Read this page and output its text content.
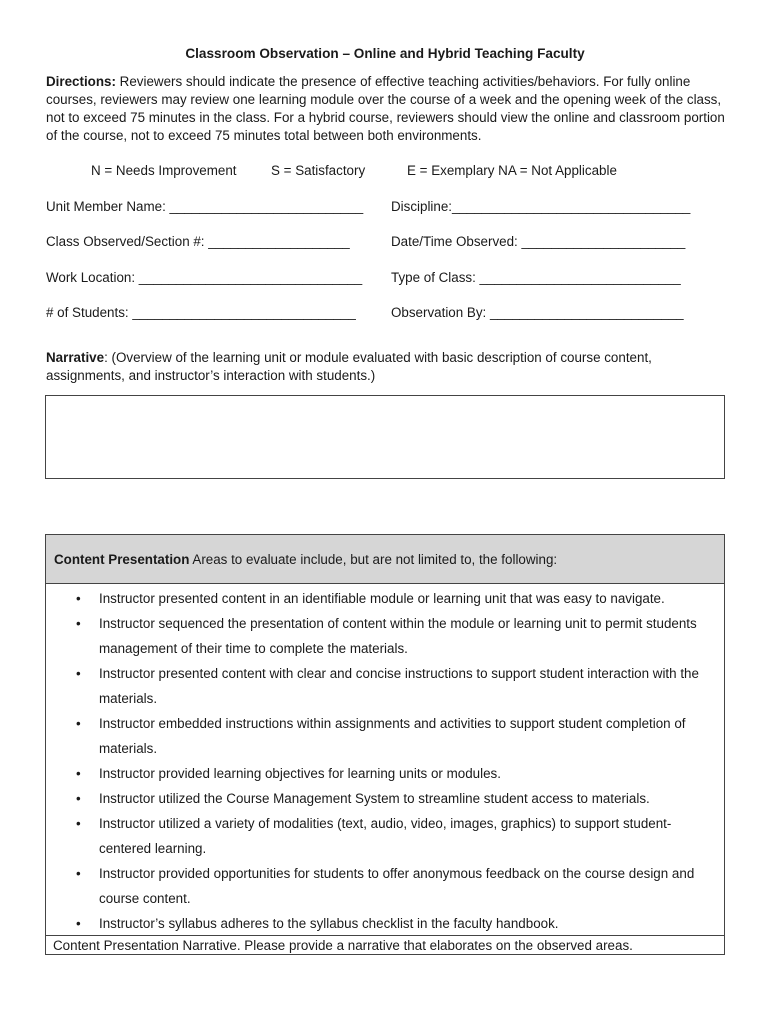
Classroom Observation – Online and Hybrid Teaching Faculty
Directions: Reviewers should indicate the presence of effective teaching activities/behaviors. For fully online courses, reviewers may review one learning module over the course of a week and the opening week of the class, not to exceed 75 minutes in the class. For a hybrid course, reviewers should view the online and classroom portion of the course, not to exceed 75 minutes total between both environments.
N = Needs Improvement	S = Satisfactory	E = Exemplary NA = Not Applicable
Unit Member Name: __________________________ Discipline:________________________________
Class Observed/Section #: ___________________	Date/Time Observed: ______________________
Work Location: ______________________________ Type of Class: ___________________________
# of Students: ______________________________	Observation By: __________________________
Narrative: (Overview of the learning unit or module evaluated with basic description of course content, assignments, and instructor’s interaction with students.)
Content Presentation Areas to evaluate include, but are not limited to, the following:
• Instructor presented content in an identifiable module or learning unit that was easy to navigate.
• Instructor sequenced the presentation of content within the module or learning unit to permit students management of their time to complete the materials.
• Instructor presented content with clear and concise instructions to support student interaction with the materials.
• Instructor embedded instructions within assignments and activities to support student completion of materials.
• Instructor provided learning objectives for learning units or modules.
• Instructor utilized the Course Management System to streamline student access to materials.
• Instructor utilized a variety of modalities (text, audio, video, images, graphics) to support student-centered learning.
• Instructor provided opportunities for students to offer anonymous feedback on the course design and course content.
• Instructor’s syllabus adheres to the syllabus checklist in the faculty handbook.
Content Presentation Narrative. Please provide a narrative that elaborates on the observed areas.
